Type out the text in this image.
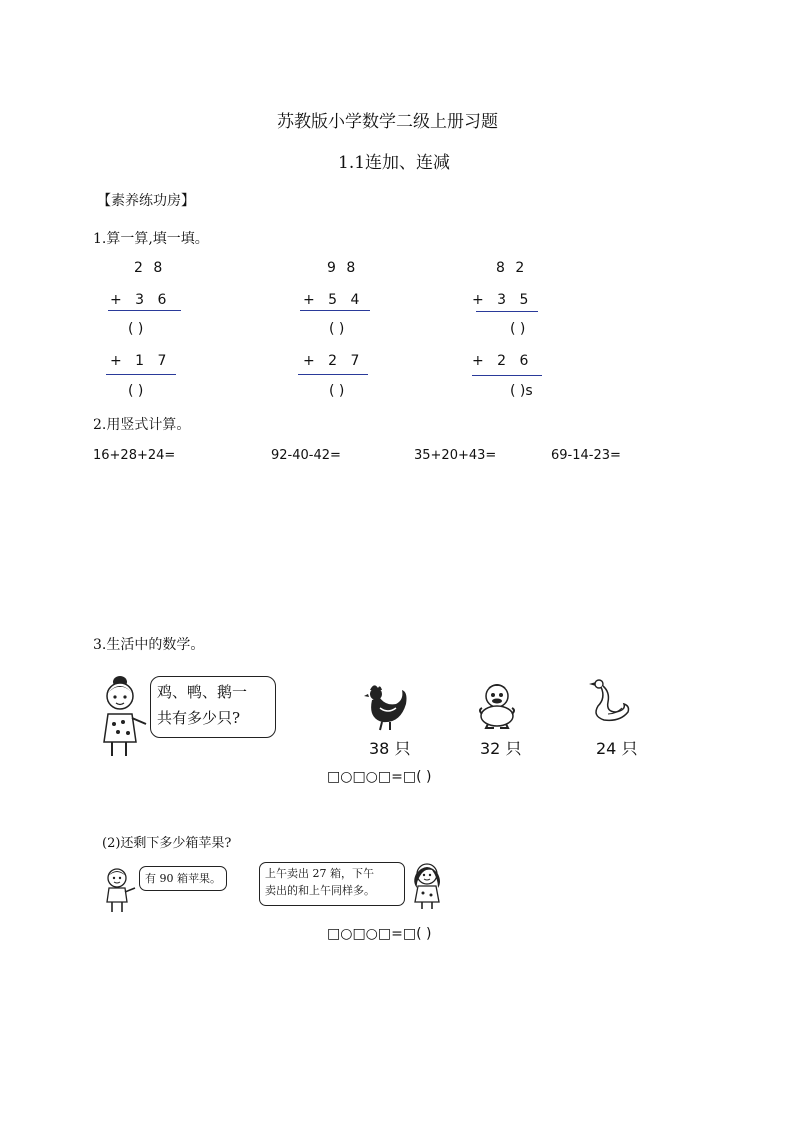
苏教版小学数学二级上册习题
1.1连加、连减
【素养练功房】
1.算一算,填一填。
2 8
+ 3 6
( )
+ 1 7
( )
9 8
+ 5 4
( )
+ 2 7
( )
8 2
+ 3 5
( )
+ 2 6
( )s
2.用竖式计算。
16+28+24=	92-40-42=	35+20+43=	69-14-23=
3.生活中的数学。
鸡、鸭、鹅一
共有多少只?
38 只	32 只	24 只
□○□○□=□( )
(2)还剩下多少箱苹果?
有 90 箱苹果。	上午卖出 27 箱，下午
卖出的和上午同样多。
□○□○□=□( )
